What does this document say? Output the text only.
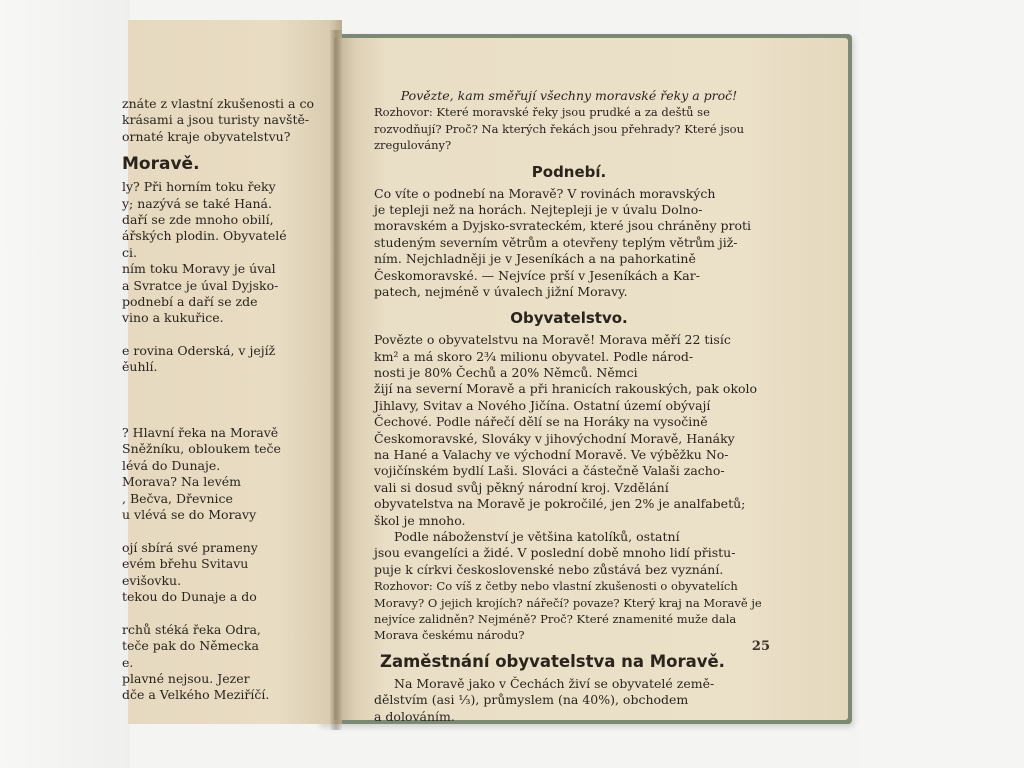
znáte z vlastní zkušenosti a co
krásami a jsou turisty navště-
ornaté kraje obyvatelstvu?
Moravě.
ly? Při horním toku řeky
y; nazývá se také Haná.
daří se zde mnoho obilí,
ářských plodin. Obyvatelé
ci.
ním toku Moravy je úval
a Svratce je úval Dyjsko-
podnebí a daří se zde
vino a kukuřice.
e rovina Oderská, v jejíž
ěuhlí.
? Hlavní řeka na Moravě
Sněžníku, obloukem teče
lévá do Dunaje.
Morava? Na levém
, Bečva, Dřevnice
u vlévá se do Moravy
ojí sbírá své prameny
evém břehu Svitavu
evišovku.
tekou do Dunaje a do
rchů stéká řeka Odra,
teče pak do Německa
e.
plavné nejsou. Jezer
dče a Velkého Meziříčí.
Povězte, kam směřují všechny moravské řeky a proč!
Rozhovor: Které moravské řeky jsou prudké a za deštů se
rozvodňují? Proč? Na kterých řekách jsou přehrady? Které jsou
zregulovány?
Podnebí.
Co víte o podnebí na Moravě? V rovinách moravských
je tepleji než na horách. Nejtepleji je v úvalu Dolno-
moravském a Dyjsko-svrateckém, které jsou chráněny proti
studeným severním větrům a otevřeny teplým větrům již-
ním. Nejchladněji je v Jeseníkách a na pahorkatině
Českomoravské. — Nejvíce prší v Jeseníkách a Kar-
patech, nejméně v úvalech jižní Moravy.
Obyvatelstvo.
Povězte o obyvatelstvu na Moravě! Morava měří 22 tisíc
km² a má skoro 2¾ milionu obyvatel. Podle národ-
nosti je 80% Čechů a 20% Němců. Němci
žijí na severní Moravě a při hranicích rakouských, pak okolo
Jihlavy, Svitav a Nového Jičína. Ostatní území obývají
Čechové. Podle nářečí dělí se na Horáky na vysočině
Českomoravské, Slováky v jihovýchodní Moravě, Hanáky
na Hané a Valachy ve východní Moravě. Ve výběžku No-
vojičínském bydlí Laši. Slováci a částečně Valaši zacho-
vali si dosud svůj pěkný národní kroj. Vzdělání
obyvatelstva na Moravě je pokročilé, jen 2% je analfabetů;
škol je mnoho.
Podle náboženství je většina katolíků, ostatní
jsou evangelíci a židé. V poslední době mnoho lidí přistu-
puje k církvi československé nebo zůstává bez vyznání.
Rozhovor: Co víš z četby nebo vlastní zkušenosti o obyvatelích
Moravy? O jejich krojích? nářečí? povaze? Který kraj na Moravě je
nejvíce zalidněn? Nejméně? Proč? Které znamenité muže dala
Morava českému národu?
Zaměstnání obyvatelstva na Moravě.
Na Moravě jako v Čechách živí se obyvatelé země-
dělstvím (asi ⅓), průmyslem (na 40%), obchodem
a dolováním.
25
